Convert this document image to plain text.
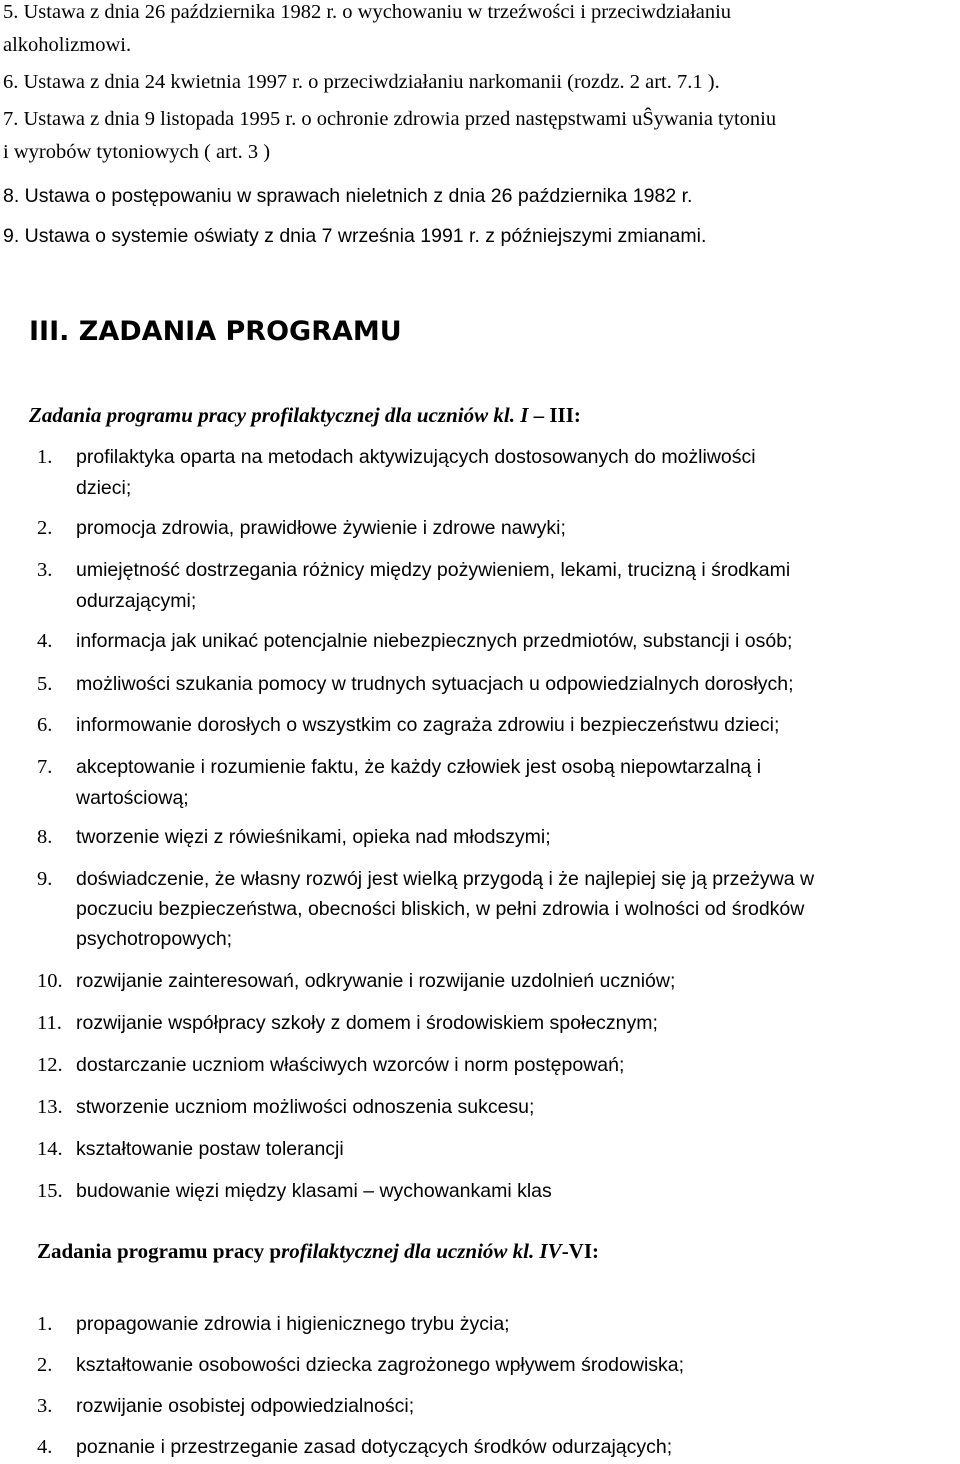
5. Ustawa z dnia 26 października 1982 r. o wychowaniu w trzeźwości i przeciwdziałaniu
alkoholizmowi.
6. Ustawa z dnia 24 kwietnia 1997 r. o przeciwdziałaniu narkomanii (rozdz. 2 art. 7.1 ).
7. Ustawa z dnia 9 listopada 1995 r. o ochronie zdrowia przed następstwami uŜywania tytoniu
i wyrobów tytoniowych ( art. 3 )
8. Ustawa o postępowaniu w sprawach nieletnich z dnia 26 października 1982 r.
9. Ustawa o systemie oświaty z dnia 7 września 1991 r. z późniejszymi zmianami.
III. ZADANIA PROGRAMU
Zadania programu pracy profilaktycznej dla uczniów kl. I – III:
1. profilaktyka oparta na metodach aktywizujących dostosowanych do możliwości
dzieci;
2. promocja zdrowia, prawidłowe żywienie i zdrowe nawyki;
3. umiejętność dostrzegania różnicy między pożywieniem, lekami, trucizną i środkami
odurzającymi;
4. informacja jak unikać potencjalnie niebezpiecznych przedmiotów, substancji i osób;
5. możliwości szukania pomocy w trudnych sytuacjach u odpowiedzialnych dorosłych;
6. informowanie dorosłych o wszystkim co zagraża zdrowiu i bezpieczeństwu dzieci;
7. akceptowanie i rozumienie faktu, że każdy człowiek jest osobą niepowtarzalną i
wartościową;
8. tworzenie więzi z rówieśnikami, opieka nad młodszymi;
9. doświadczenie, że własny rozwój jest wielką przygodą i że najlepiej się ją przeżywa w
poczuciu bezpieczeństwa, obecności bliskich, w pełni zdrowia i wolności od środków
psychotropowych;
10. rozwijanie zainteresowań, odkrywanie i rozwijanie uzdolnień uczniów;
11. rozwijanie współpracy szkoły z domem i środowiskiem społecznym;
12. dostarczanie uczniom właściwych wzorców i norm postępowań;
13. stworzenie uczniom możliwości odnoszenia sukcesu;
14. kształtowanie postaw tolerancji
15. budowanie więzi między klasami – wychowankami klas
Zadania programu pracy profilaktycznej dla uczniów kl. IV-VI:
1. propagowanie zdrowia i higienicznego trybu życia;
2. kształtowanie osobowości dziecka zagrożonego wpływem środowiska;
3. rozwijanie osobistej odpowiedzialności;
4. poznanie i przestrzeganie zasad dotyczących środków odurzających;
